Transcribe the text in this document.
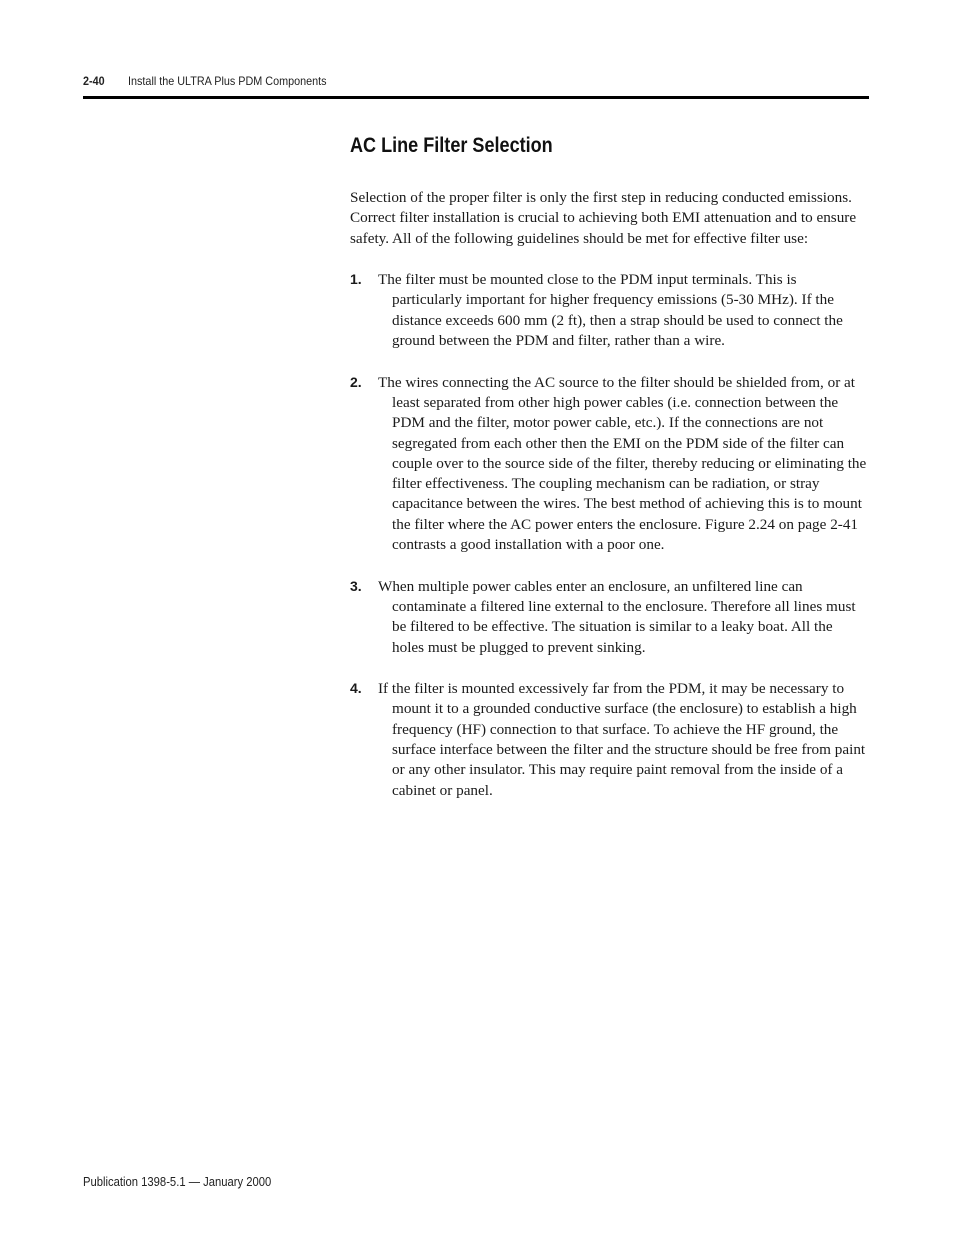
2-40 Install the ULTRA Plus PDM Components
AC Line Filter Selection

Selection of the proper filter is only the first step in reducing conducted emissions. Correct filter installation is crucial to achieving both EMI attenuation and to ensure safety. All of the following guidelines should be met for effective filter use:

1. The filter must be mounted close to the PDM input terminals. This is particularly important for higher frequency emissions (5-30 MHz). If the distance exceeds 600 mm (2 ft), then a strap should be used to connect the ground between the PDM and filter, rather than a wire.
2. The wires connecting the AC source to the filter should be shielded from, or at least separated from other high power cables (i.e. connection between the PDM and the filter, motor power cable, etc.). If the connections are not segregated from each other then the EMI on the PDM side of the filter can couple over to the source side of the filter, thereby reducing or eliminating the filter effectiveness. The coupling mechanism can be radiation, or stray capacitance between the wires. The best method of achieving this is to mount the filter where the AC power enters the enclosure. Figure 2.24 on page 2-41 contrasts a good installation with a poor one.
3. When multiple power cables enter an enclosure, an unfiltered line can contaminate a filtered line external to the enclosure. Therefore all lines must be filtered to be effective. The situation is similar to a leaky boat. All the holes must be plugged to prevent sinking.
4. If the filter is mounted excessively far from the PDM, it may be necessary to mount it to a grounded conductive surface (the enclosure) to establish a high frequency (HF) connection to that surface. To achieve the HF ground, the surface interface between the filter and the structure should be free from paint or any other insulator. This may require paint removal from the inside of a cabinet or panel.
Publication 1398-5.1 — January 2000
